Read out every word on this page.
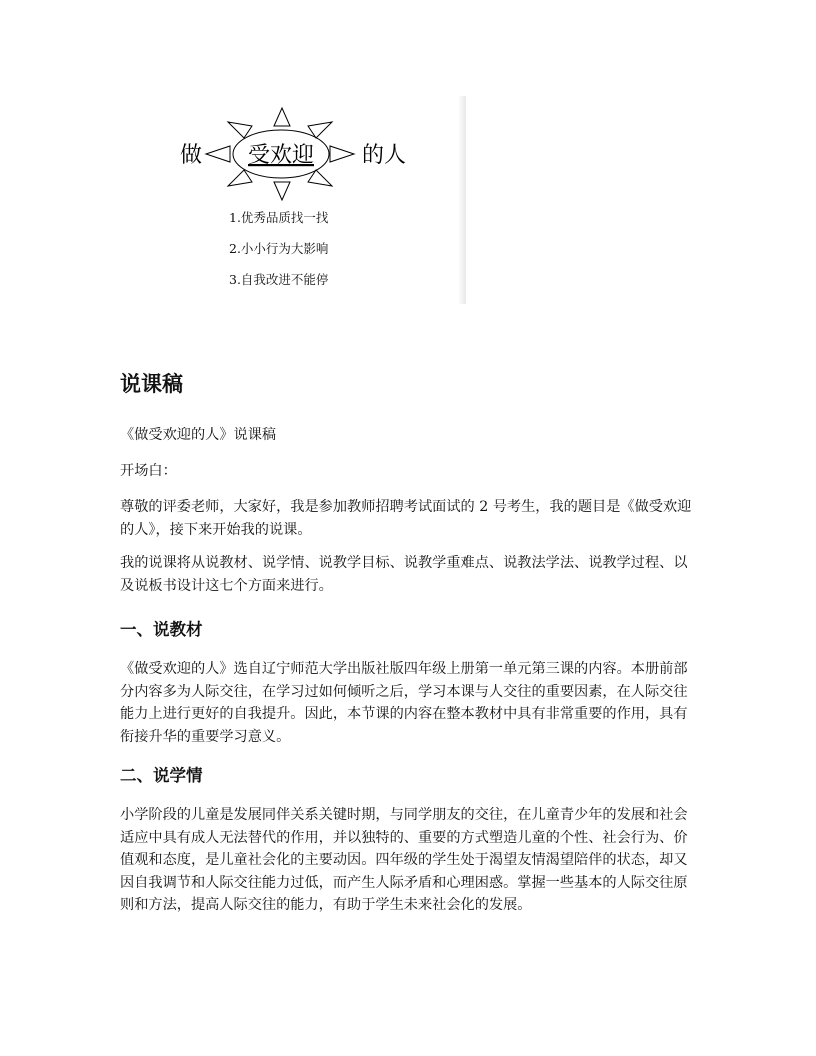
做 受欢迎 的人
1.优秀品质找一找
2.小小行为大影响
3.自我改进不能停
说课稿

《做受欢迎的人》说课稿

开场白：

尊敬的评委老师，大家好，我是参加教师招聘考试面试的 2 号考生，我的题目是《做受欢迎的人》，接下来开始我的说课。

我的说课将从说教材、说学情、说教学目标、说教学重难点、说教法学法、说教学过程、以及说板书设计这七个方面来进行。

一、说教材

《做受欢迎的人》选自辽宁师范大学出版社版四年级上册第一单元第三课的内容。本册前部分内容多为人际交往，在学习过如何倾听之后，学习本课与人交往的重要因素，在人际交往能力上进行更好的自我提升。因此，本节课的内容在整本教材中具有非常重要的作用，具有衔接升华的重要学习意义。

二、说学情

小学阶段的儿童是发展同伴关系关键时期，与同学朋友的交往，在儿童青少年的发展和社会适应中具有成人无法替代的作用，并以独特的、重要的方式塑造儿童的个性、社会行为、价值观和态度，是儿童社会化的主要动因。四年级的学生处于渴望友情渴望陪伴的状态，却又因自我调节和人际交往能力过低，而产生人际矛盾和心理困惑。掌握一些基本的人际交往原则和方法，提高人际交往的能力，有助于学生未来社会化的发展。
